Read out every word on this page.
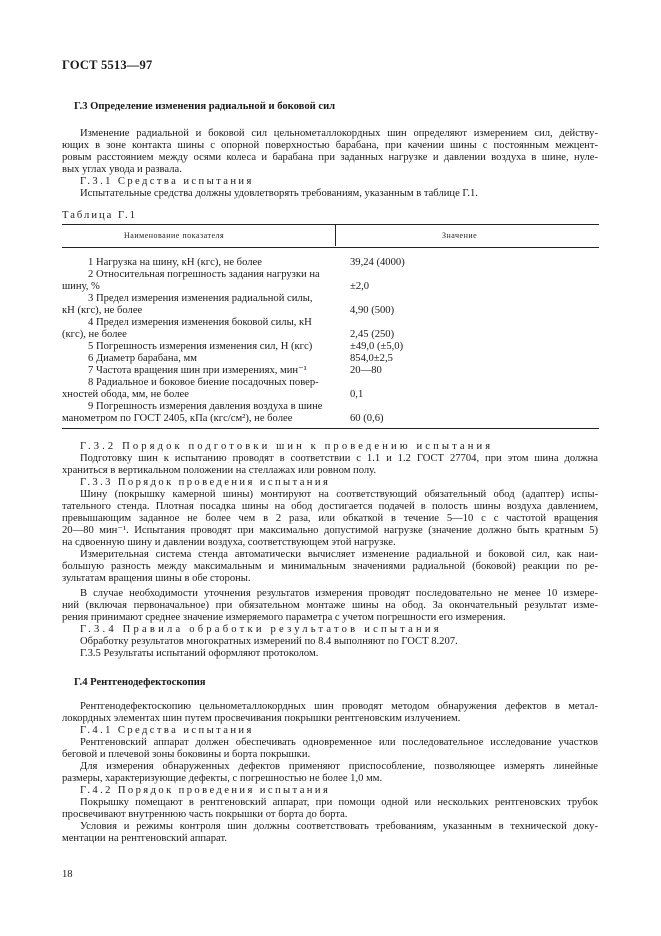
ГОСТ 5513—97
Г.3 Определение изменения радиальной и боковой сил
Изменение радиальной и боковой сил цельнометаллокордных шин определяют измерением сил, действу-
ющих в зоне контакта шины с опорной поверхностью барабана, при качении шины с постоянным межцент-
ровым расстоянием между осями колеса и барабана при заданных нагрузке и давлении воздуха в шине, нуле-
вых углах увода и развала.
Г.3.1 Средства испытания
Испытательные средства должны удовлетворять требованиям, указанным в таблице Г.1.
Таблица Г.1
Наименование показателя	Значение
1 Нагрузка на шину, кН (кгс), не более	39,24 (4000)
2 Относительная погрешность задания нагрузки на
шину, %	±2,0
3 Предел измерения изменения радиальной силы,
кН (кгс), не более	4,90 (500)
4 Предел измерения изменения боковой силы, кН
(кгс), не более	2,45 (250)
5 Погрешность измерения изменения сил, Н (кгс)	±49,0 (±5,0)
6 Диаметр барабана, мм	854,0±2,5
7 Частота вращения шин при измерениях, мин⁻¹	20—80
8 Радиальное и боковое биение посадочных повер-
хностей обода, мм, не более	0,1
9 Погрешность измерения давления воздуха в шине
манометром по ГОСТ 2405, кПа (кгс/см²), не более	60 (0,6)
Г.3.2 Порядок подготовки шин к проведению испытания
Подготовку шин к испытанию проводят в соответствии с 1.1 и 1.2 ГОСТ 27704, при этом шина должна
храниться в вертикальном положении на стеллажах или ровном полу.
Г.3.3 Порядок проведения испытания
Шину (покрышку камерной шины) монтируют на соответствующий обязательный обод (адаптер) испы-
тательного стенда. Плотная посадка шины на обод достигается подачей в полость шины воздуха давлением,
превышающим заданное не более чем в 2 раза, или обкаткой в течение 5—10 с с частотой вращения
20—80 мин⁻¹. Испытания проводят при максимально допустимой нагрузке (значение должно быть кратным 5)
на сдвоенную шину и давлении воздуха, соответствующем этой нагрузке.
Измерительная система стенда автоматически вычисляет изменение радиальной и боковой сил, как наи-
большую разность между максимальным и минимальным значениями радиальной (боковой) реакции по ре-
зультатам вращения шины в обе стороны.
В случае необходимости уточнения результатов измерения проводят последовательно не менее 10 измере-
ний (включая первоначальное) при обязательном монтаже шины на обод. За окончательный результат изме-
рения принимают среднее значение измеряемого параметра с учетом погрешности его измерения.
Г.3.4 Правила обработки результатов испытания
Обработку результатов многократных измерений по 8.4 выполняют по ГОСТ 8.207.
Г.3.5 Результаты испытаний оформляют протоколом.
Г.4 Рентгенодефектоскопия
Рентгенодефектоскопию цельнометаллокордных шин проводят методом обнаружения дефектов в метал-
локордных элементах шин путем просвечивания покрышки рентгеновским излучением.
Г.4.1 Средства испытания
Рентгеновский аппарат должен обеспечивать одновременное или последовательное исследование участков
беговой и плечевой зоны боковины и борта покрышки.
Для измерения обнаруженных дефектов применяют приспособление, позволяющее измерять линейные
размеры, характеризующие дефекты, с погрешностью не более 1,0 мм.
Г.4.2 Порядок проведения испытания
Покрышку помещают в рентгеновский аппарат, при помощи одной или нескольких рентгеновских трубок
просвечивают внутреннюю часть покрышки от борта до борта.
Условия и режимы контроля шин должны соответствовать требованиям, указанным в технической доку-
ментации на рентгеновский аппарат.
18
